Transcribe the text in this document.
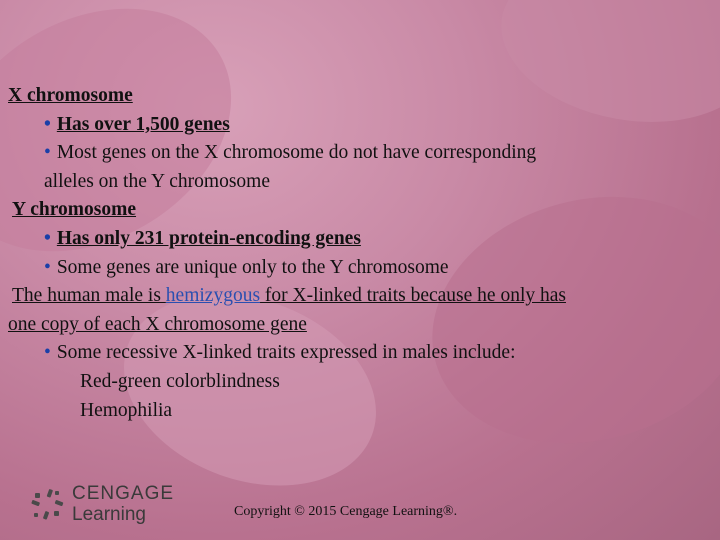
X chromosome
• Has over 1,500 genes
• Most genes on the X chromosome do not have corresponding
alleles on the Y chromosome
Y chromosome
• Has only 231 protein-encoding genes
• Some genes are unique only to the Y chromosome
The human male is hemizygous for X-linked traits because he only has
one copy of each X chromosome gene
• Some recessive X-linked traits expressed in males include:
Red-green colorblindness
Hemophilia
CENGAGE
Learning	Copyright © 2015 Cengage Learning®.
